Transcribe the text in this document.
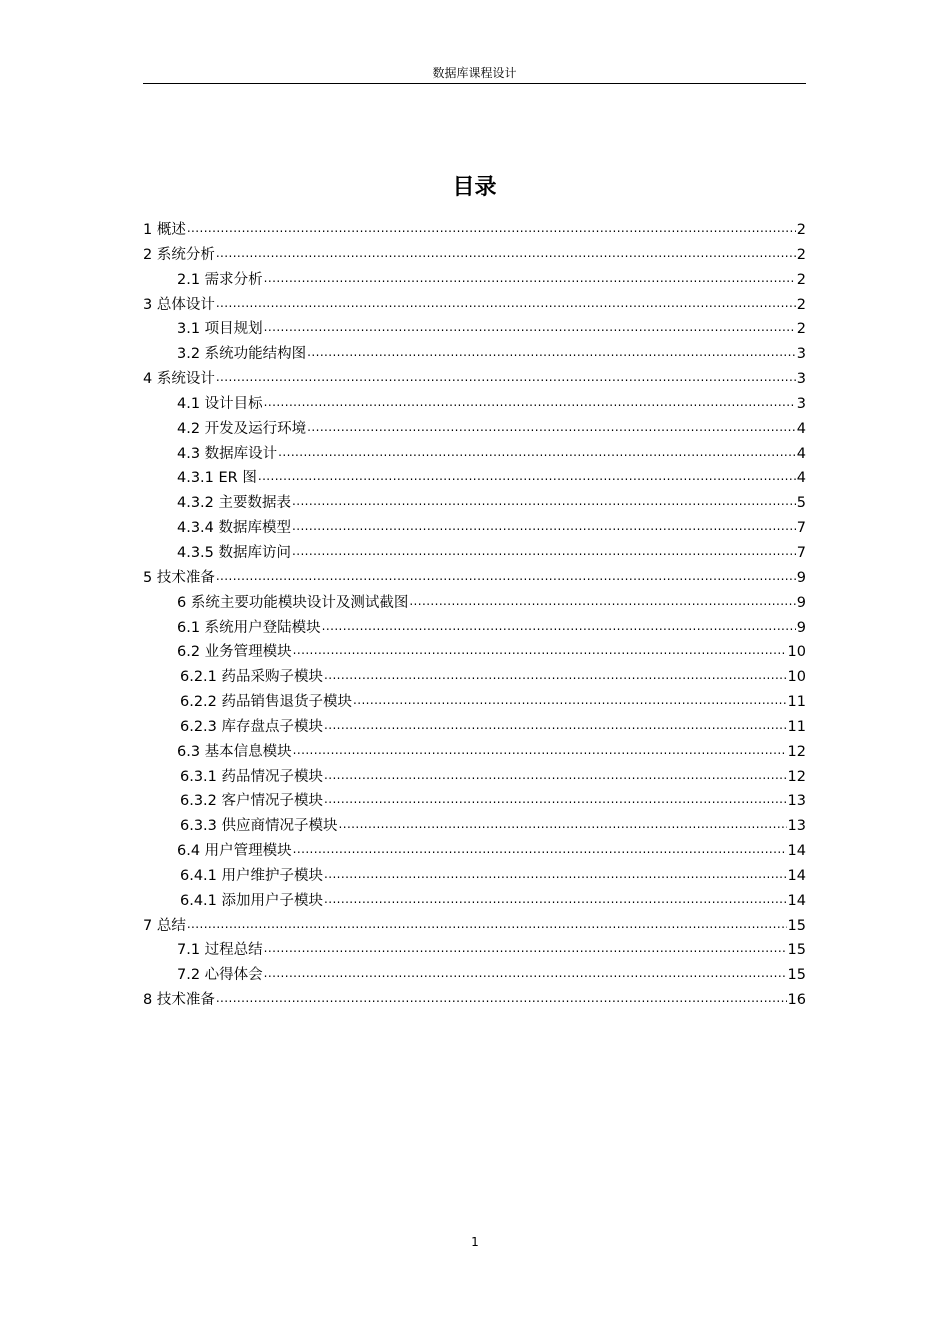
数据库课程设计
目录
1 概述 .....	2
2 系统分析 .....	2
2.1 需求分析 .....	2
3 总体设计 .....	2
3.1 项目规划 .....	2
3.2 系统功能结构图 .....	3
4 系统设计 .....	3
4.1 设计目标 .....	3
4.2 开发及运行环境 .....	4
4.3 数据库设计 .....	4
4.3.1 ER 图 .....	4
4.3.2 主要数据表 .....	5
4.3.4 数据库模型 .....	7
4.3.5 数据库访问 .....	7
5 技术准备 .....	9
6 系统主要功能模块设计及测试截图 .....	9
6.1 系统用户登陆模块 .....	9
6.2 业务管理模块 .....	10
6.2.1 药品采购子模块 .....	10
6.2.2 药品销售退货子模块 .....	11
6.2.3 库存盘点子模块 .....	11
6.3 基本信息模块 .....	12
6.3.1 药品情况子模块 .....	12
6.3.2 客户情况子模块 .....	13
6.3.3 供应商情况子模块 .....	13
6.4 用户管理模块 .....	14
6.4.1 用户维护子模块 .....	14
6.4.1 添加用户子模块 .....	14
7 总结 .....	15
7.1 过程总结 .....	15
7.2 心得体会 .....	15
8 技术准备 .....	16
1
